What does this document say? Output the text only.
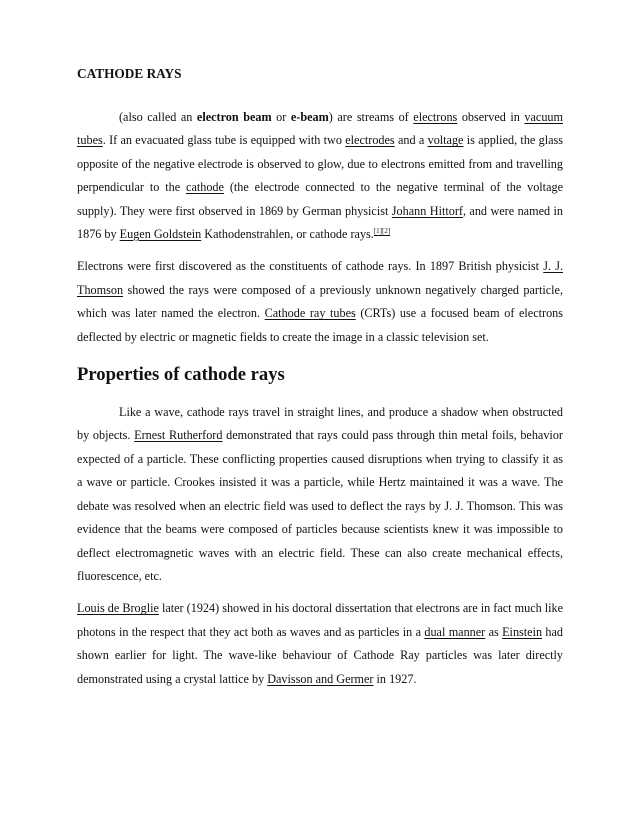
CATHODE RAYS

(also called an electron beam or e-beam) are streams of electrons observed in vacuum tubes. If an evacuated glass tube is equipped with two electrodes and a voltage is applied, the glass opposite of the negative electrode is observed to glow, due to electrons emitted from and travelling perpendicular to the cathode (the electrode connected to the negative terminal of the voltage supply). They were first observed in 1869 by German physicist Johann Hittorf, and were named in 1876 by Eugen Goldstein Kathodenstrahlen, or cathode rays.[1][2]

Electrons were first discovered as the constituents of cathode rays. In 1897 British physicist J. J. Thomson showed the rays were composed of a previously unknown negatively charged particle, which was later named the electron. Cathode ray tubes (CRTs) use a focused beam of electrons deflected by electric or magnetic fields to create the image in a classic television set.

Properties of cathode rays

Like a wave, cathode rays travel in straight lines, and produce a shadow when obstructed by objects. Ernest Rutherford demonstrated that rays could pass through thin metal foils, behavior expected of a particle. These conflicting properties caused disruptions when trying to classify it as a wave or particle. Crookes insisted it was a particle, while Hertz maintained it was a wave. The debate was resolved when an electric field was used to deflect the rays by J. J. Thomson. This was evidence that the beams were composed of particles because scientists knew it was impossible to deflect electromagnetic waves with an electric field. These can also create mechanical effects, fluorescence, etc.

Louis de Broglie later (1924) showed in his doctoral dissertation that electrons are in fact much like photons in the respect that they act both as waves and as particles in a dual manner as Einstein had shown earlier for light. The wave-like behaviour of Cathode Ray particles was later directly demonstrated using a crystal lattice by Davisson and Germer in 1927.
